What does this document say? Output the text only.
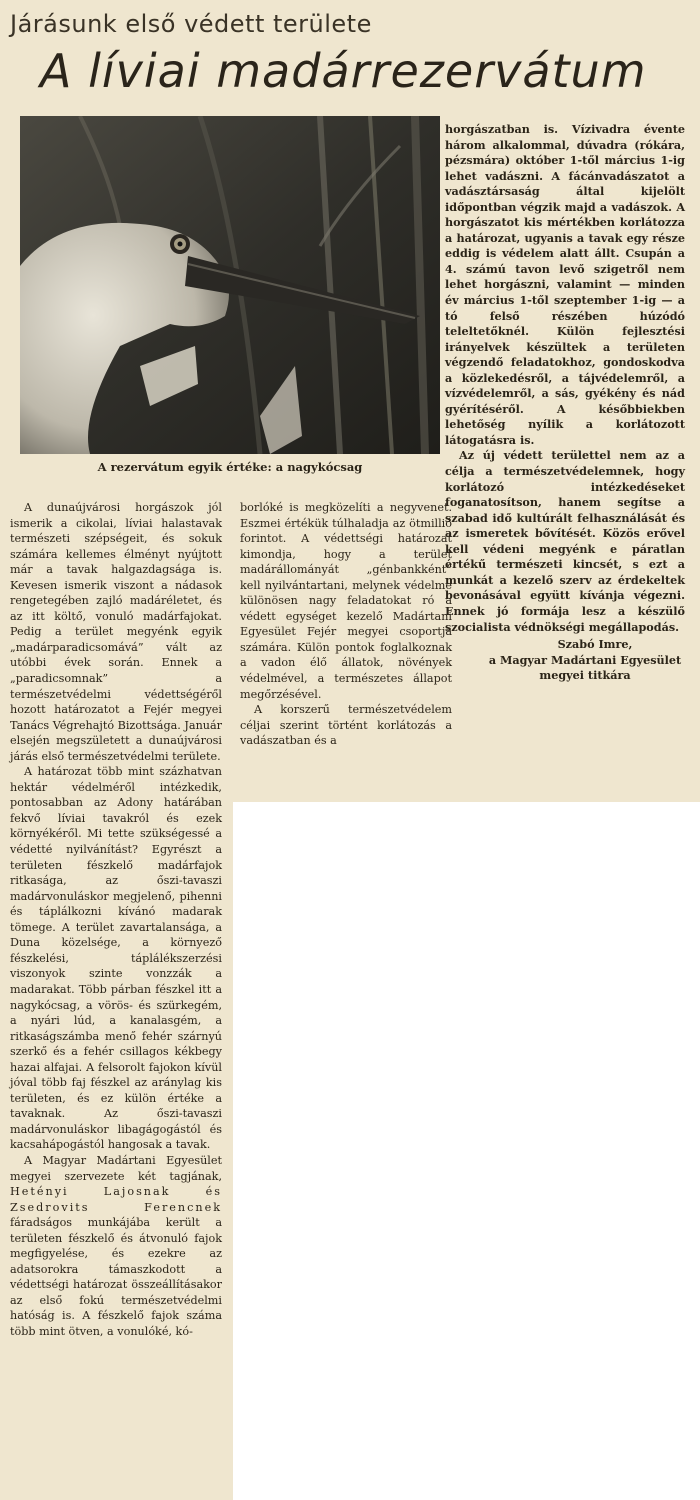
Járásunk első védett területe
A líviai madárrezervátum
A rezervátum egyik értéke: a nagykócsag

A dunaújvárosi horgászok jól ismerik a cikolai, líviai halastavak természeti szépségeit, és sokuk számára kellemes élményt nyújtott már a tavak halgazdagsága is. Kevesen ismerik viszont a nádasok rengetegében zajló madáréletet, és az itt költő, vonuló madárfajokat. Pedig a terület megyénk egyik „madárparadicsomává” vált az utóbbi évek során. Ennek a „paradicsomnak” a természetvédelmi védettségéről hozott határozatot a Fejér megyei Tanács Végrehajtó Bizottsága. Január elsején megszületett a dunaújvárosi járás első természetvédelmi területe.

A határozat több mint százhatvan hektár védelméről intézkedik, pontosabban az Adony határában fekvő líviai tavakról és ezek környékéről. Mi tette szükségessé a védetté nyilvánítást? Egyrészt a területen fészkelő madárfajok ritkasága, az őszi-tavaszi madárvonuláskor megjelenő, pihenni és táplálkozni kívánó madarak tömege. A terület zavartalansága, a Duna közelsége, a környező fészkelési, táplálékszerzési viszonyok szinte vonzzák a madarakat. Több párban fészkel itt a nagykócsag, a vörös- és szürkegém, a nyári lúd, a kanalasgém, a ritkaságszámba menő fehér szárnyú szerkő és a fehér csillagos kékbegy hazai alfajai. A felsorolt fajokon kívül jóval több faj fészkel az aránylag kis területen, és ez külön értéke a tavaknak. Az őszi-tavaszi madárvonuláskor libagágogástól és kacsahápogástól hangosak a tavak.

A Magyar Madártani Egyesület megyei szervezete két tagjának, Hetényi Lajosnak és Zsedrovits Ferencnek fáradságos munkájába került a területen fészkelő és átvonuló fajok megfigyelése, és ezekre az adatsorokra támaszkodott a védettségi határozat összeállításakor az első fokú természetvédelmi hatóság is. A fészkelő fajok száma több mint ötven, a vonulóké, kó-

borlóké is megközelíti a negyvenet. Eszmei értékük túlhaladja az ötmillió forintot. A védettségi határozat kimondja, hogy a terület madárállományát „génbankként” kell nyilvántartani, melynek védelme különösen nagy feladatokat ró a védett egységet kezelő Madártani Egyesület Fejér megyei csoportja számára. Külön pontok foglalkoznak a vadon élő állatok, növények védelmével, a természetes állapot megőrzésével.

A korszerű természetvédelem céljai szerint történt korlátozás a vadászatban és a

horgászatban is. Vízivadra évente három alkalommal, dúvadra (rókára, pézsmára) október 1-től március 1-ig lehet vadászni. A fácánvadászatot a vadásztársaság által kijelölt időpontban végzik majd a vadászok. A horgászatot kis mértékben korlátozza a határozat, ugyanis a tavak egy része eddig is védelem alatt állt. Csupán a 4. számú tavon levő szigetről nem lehet horgászni, valamint — minden év március 1-től szeptember 1-ig — a tó felső részében húzódó teleltetőknél. Külön fejlesztési irányelvek készültek a területen végzendő feladatokhoz, gondoskodva a közlekedésről, a tájvédelemről, a vízvédelemről, a sás, gyékény és nád gyérítéséről. A későbbiekben lehetőség nyílik a korlátozott látogatásra is.

Az új védett területtel nem az a célja a természetvédelemnek, hogy korlátozó intézkedéseket foganatosítson, hanem segítse a szabad idő kultúrált felhasználását és az ismeretek bővítését. Közös erővel kell védeni megyénk e páratlan értékű természeti kincsét, s ezt a munkát a kezelő szerv az érdekeltek bevonásával együtt kívánja végezni. Ennek jó formája lesz a készülő szocialista védnökségi megállapodás.

Szabó Imre,
a Magyar Madártani Egyesület
megyei titkára
